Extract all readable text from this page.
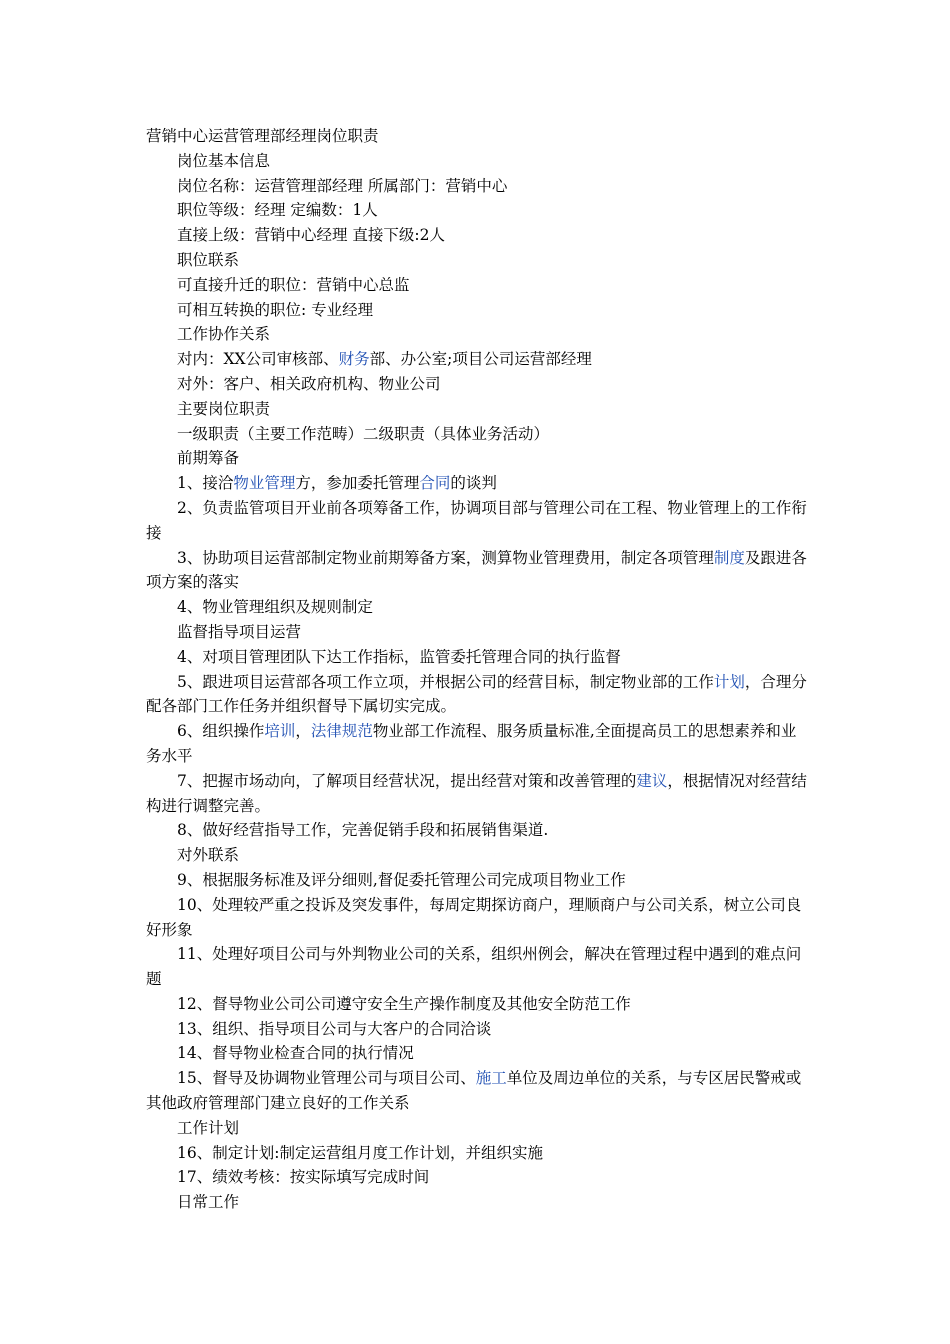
营销中心运营管理部经理岗位职责
岗位基本信息
岗位名称：运营管理部经理 所属部门：营销中心
职位等级：经理 定编数：1人
直接上级：营销中心经理 直接下级:2人
职位联系
可直接升迁的职位：营销中心总监
可相互转换的职位: 专业经理
工作协作关系
对内：XX公司审核部、财务部、办公室;项目公司运营部经理
对外：客户、相关政府机构、物业公司
主要岗位职责
一级职责（主要工作范畴）二级职责（具体业务活动）
前期筹备
1、接洽物业管理方，参加委托管理合同的谈判
2、负责监管项目开业前各项筹备工作，协调项目部与管理公司在工程、物业管理上的工作衔接
3、协助项目运营部制定物业前期筹备方案，测算物业管理费用，制定各项管理制度及跟进各项方案的落实
4、物业管理组织及规则制定
监督指导项目运营
4、对项目管理团队下达工作指标，监管委托管理合同的执行监督
5、跟进项目运营部各项工作立项，并根据公司的经营目标，制定物业部的工作计划，合理分配各部门工作任务并组织督导下属切实完成。
6、组织操作培训，法律规范物业部工作流程、服务质量标准,全面提高员工的思想素养和业务水平
7、把握市场动向，了解项目经营状况，提出经营对策和改善管理的建议，根据情况对经营结构进行调整完善。
8、做好经营指导工作，完善促销手段和拓展销售渠道.
对外联系
9、根据服务标准及评分细则,督促委托管理公司完成项目物业工作
10、处理较严重之投诉及突发事件，每周定期探访商户，理顺商户与公司关系，树立公司良好形象
11、处理好项目公司与外判物业公司的关系，组织州例会，解决在管理过程中遇到的难点问题
12、督导物业公司公司遵守安全生产操作制度及其他安全防范工作
13、组织、指导项目公司与大客户的合同洽谈
14、督导物业检查合同的执行情况
15、督导及协调物业管理公司与项目公司、施工单位及周边单位的关系，与专区居民警戒或其他政府管理部门建立良好的工作关系
工作计划
16、制定计划:制定运营组月度工作计划，并组织实施
17、绩效考核：按实际填写完成时间
日常工作
